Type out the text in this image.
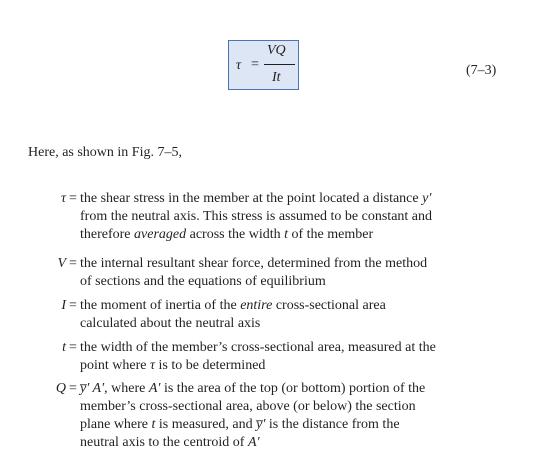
τ =
VQ
It	(7–3)
Here, as shown in Fig. 7–5,
τ = the shear stress in the member at the point located a distance y′
from the neutral axis. This stress is assumed to be constant and
therefore averaged across the width t of the member
V = the internal resultant shear force, determined from the method
of sections and the equations of equilibrium
I = the moment of inertia of the entire cross-sectional area
calculated about the neutral axis
t = the width of the member’s cross-sectional area, measured at the
point where τ is to be determined
Q = y̅′ A′, where A′ is the area of the top (or bottom) portion of the
member’s cross-sectional area, above (or below) the section
plane where t is measured, and y̅′ is the distance from the
neutral axis to the centroid of A′
